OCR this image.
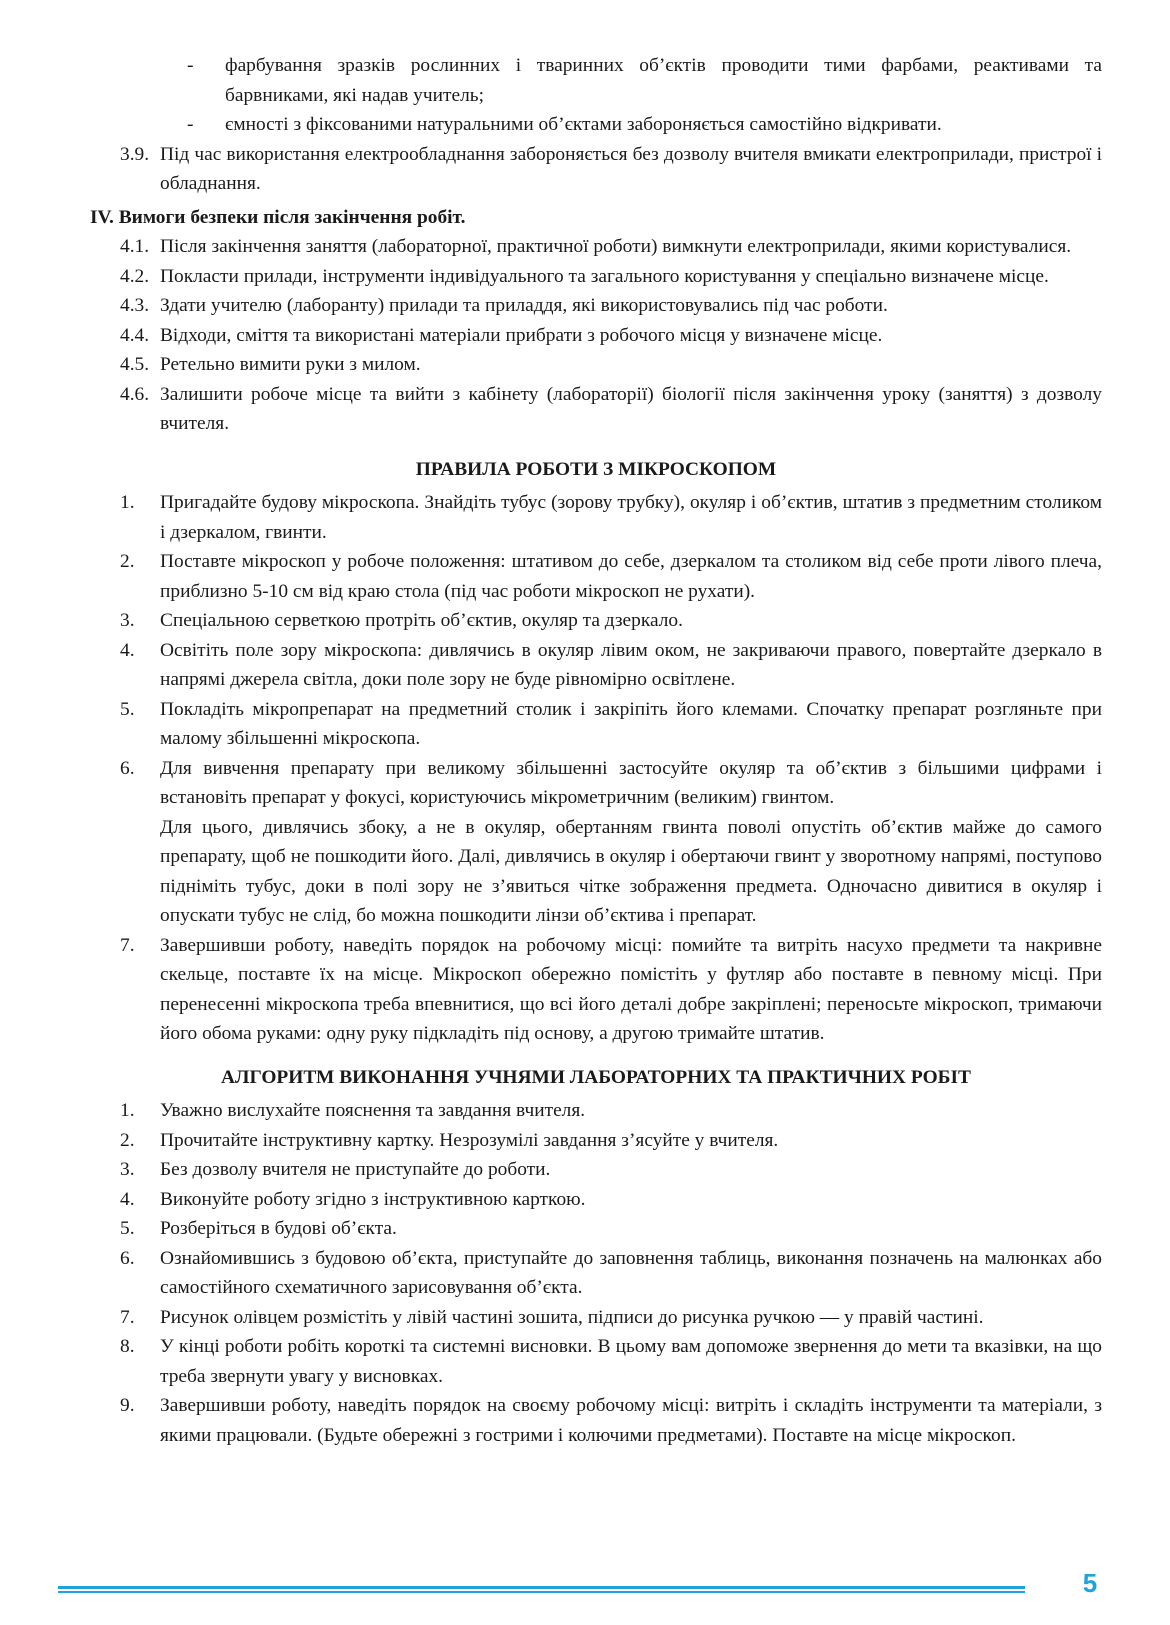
- фарбування зразків рослинних і тваринних об’єктів проводити тими фарбами, реактивами та барвниками, які надав учитель;
- ємності з фіксованими натуральними об’єктами забороняється самостійно відкривати.
3.9. Під час використання електрообладнання забороняється без дозволу вчителя вмикати електроприлади, пристрої і обладнання.
IV. Вимоги безпеки після закінчення робіт.
4.1. Після закінчення заняття (лабораторної, практичної роботи) вимкнути електроприлади, якими користувалися.
4.2. Покласти прилади, інструменти індивідуального та загального користування у спеціально визначене місце.
4.3. Здати учителю (лаборанту) прилади та приладдя, які використовувались під час роботи.
4.4. Відходи, сміття та використані матеріали прибрати з робочого місця у визначене місце.
4.5. Ретельно вимити руки з милом.
4.6. Залишити робоче місце та вийти з кабінету (лабораторії) біології після закінчення уроку (заняття) з дозволу вчителя.
ПРАВИЛА РОБОТИ З МІКРОСКОПОМ
1. Пригадайте будову мікроскопа. Знайдіть тубус (зорову трубку), окуляр і об’єктив, штатив з предметним столиком і дзеркалом, гвинти.
2. Поставте мікроскоп у робоче положення: штативом до себе, дзеркалом та столиком від себе проти лівого плеча, приблизно 5-10 см від краю стола (під час роботи мікроскоп не рухати).
3. Спеціальною серветкою протріть об’єктив, окуляр та дзеркало.
4. Освітіть поле зору мікроскопа: дивлячись в окуляр лівим оком, не закриваючи правого, повертайте дзеркало в напрямі джерела світла, доки поле зору не буде рівномірно освітлене.
5. Покладіть мікропрепарат на предметний столик і закріпіть його клемами. Спочатку препарат розгляньте при малому збільшенні мікроскопа.
6. Для вивчення препарату при великому збільшенні застосуйте окуляр та об’єктив з більшими цифрами і встановіть препарат у фокусі, користуючись мікрометричним (великим) гвинтом.
Для цього, дивлячись збоку, а не в окуляр, обертанням гвинта поволі опустіть об’єктив майже до самого препарату, щоб не пошкодити його. Далі, дивлячись в окуляр і обертаючи гвинт у зворотному напрямі, поступово підніміть тубус, доки в полі зору не з’явиться чітке зображення предмета. Одночасно дивитися в окуляр і опускати тубус не слід, бо можна пошкодити лінзи об’єктива і препарат.
7. Завершивши роботу, наведіть порядок на робочому місці: помийте та витріть насухо предмети та накривне скельце, поставте їх на місце. Мікроскоп обережно помістіть у футляр або поставте в певному місці. При перенесенні мікроскопа треба впевнитися, що всі його деталі добре закріплені; переносьте мікроскоп, тримаючи його обома руками: одну руку підкладіть під основу, а другою тримайте штатив.
АЛГОРИТМ ВИКОНАННЯ УЧНЯМИ ЛАБОРАТОРНИХ ТА ПРАКТИЧНИХ РОБІТ
1. Уважно вислухайте пояснення та завдання вчителя.
2. Прочитайте інструктивну картку. Незрозумілі завдання з’ясуйте у вчителя.
3. Без дозволу вчителя не приступайте до роботи.
4. Виконуйте роботу згідно з інструктивною карткою.
5. Розберіться в будові об’єкта.
6. Ознайомившись з будовою об’єкта, приступайте до заповнення таблиць, виконання позначень на малюнках або самостійного схематичного зарисовування об’єкта.
7. Рисунок олівцем розмістіть у лівій частині зошита, підписи до рисунка ручкою — у правій частині.
8. У кінці роботи робіть короткі та системні висновки. В цьому вам допоможе звернення до мети та вказівки, на що треба звернути увагу у висновках.
9. Завершивши роботу, наведіть порядок на своєму робочому місці: витріть і складіть інструменти та матеріали, з якими працювали. (Будьте обережні з гострими і колючими предметами). Поставте на місце мікроскоп.
5
